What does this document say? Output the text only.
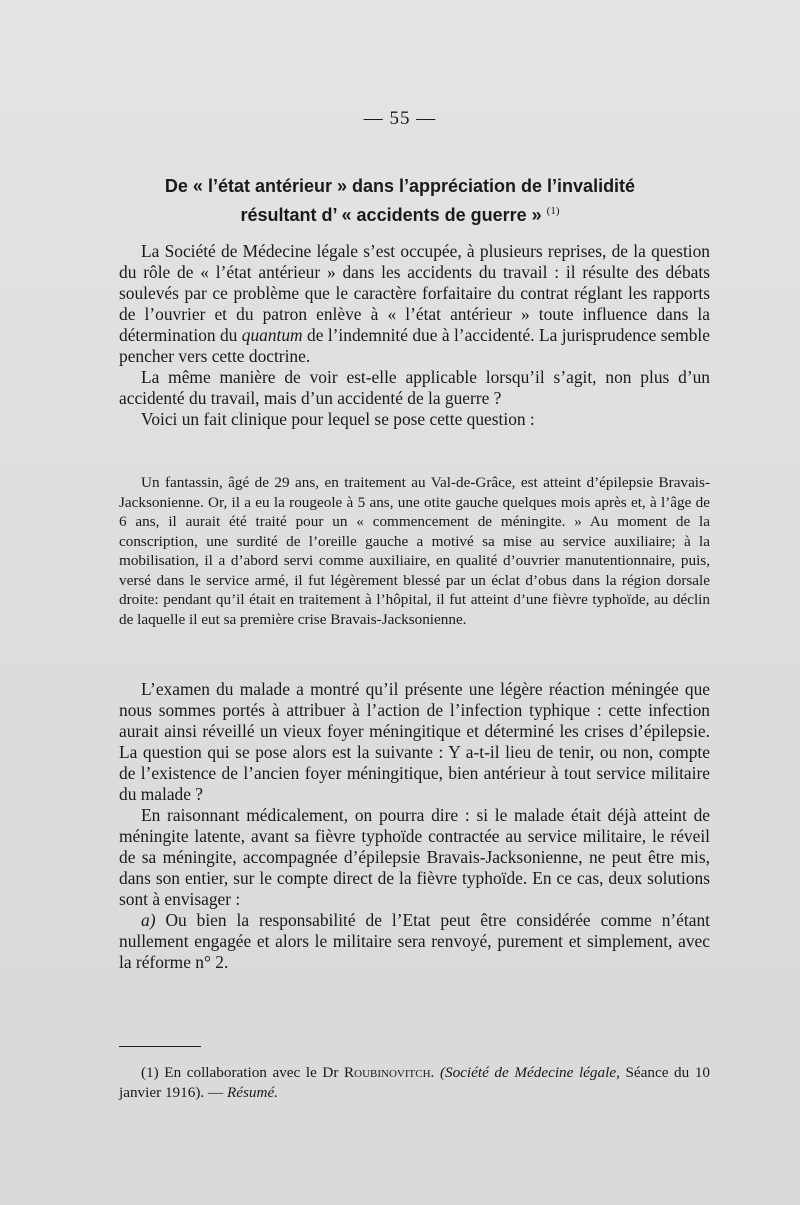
— 55 —
De « l’état antérieur » dans l’appréciation de l’invalidité
résultant d’ « accidents de guerre » $^{(1)}$

La Société de Médecine légale s’est occupée, à plusieurs reprises, de la question du rôle de « l’état antérieur » dans les accidents du travail : il résulte des débats soulevés par ce problème que le caractère forfaitaire du contrat réglant les rapports de l’ouvrier et du patron enlève à « l’état antérieur » toute influence dans la détermination du quantum de l’indemnité due à l’accidenté. La jurisprudence semble pencher vers cette doctrine.

La même manière de voir est-elle applicable lorsqu’il s’agit, non plus d’un accidenté du travail, mais d’un accidenté de la guerre ?

Voici un fait clinique pour lequel se pose cette question :

Un fantassin, âgé de 29 ans, en traitement au Val-de-Grâce, est atteint d’épilepsie Bravais-Jacksonienne. Or, il a eu la rougeole à 5 ans, une otite gauche quelques mois après et, à l’âge de 6 ans, il aurait été traité pour un « commencement de méningite. » Au moment de la conscription, une surdité de l’oreille gauche a motivé sa mise au service auxiliaire; à la mobilisation, il a d’abord servi comme auxiliaire, en qualité d’ouvrier manutentionnaire, puis, versé dans le service armé, il fut légèrement blessé par un éclat d’obus dans la région dorsale droite: pendant qu’il était en traitement à l’hôpital, il fut atteint d’une fièvre typhoïde, au déclin de laquelle il eut sa première crise Bravais-Jacksonienne.

L’examen du malade a montré qu’il présente une légère réaction méningée que nous sommes portés à attribuer à l’action de l’infection typhique : cette infection aurait ainsi réveillé un vieux foyer méningitique et déterminé les crises d’épilepsie. La question qui se pose alors est la suivante : Y a-t-il lieu de tenir, ou non, compte de l’existence de l’ancien foyer méningitique, bien antérieur à tout service militaire du malade ?

En raisonnant médicalement, on pourra dire : si le malade était déjà atteint de méningite latente, avant sa fièvre typhoïde contractée au service militaire, le réveil de sa méningite, accompagnée d’épilepsie Bravais-Jacksonienne, ne peut être mis, dans son entier, sur le compte direct de la fièvre typhoïde. En ce cas, deux solutions sont à envisager :

a) Ou bien la responsabilité de l’Etat peut être considérée comme n’étant nullement engagée et alors le militaire sera renvoyé, purement et simplement, avec la réforme n° 2.

(1) En collaboration avec le Dr Roubinovitch. (Société de Médecine légale, Séance du 10 janvier 1916). — Résumé.
